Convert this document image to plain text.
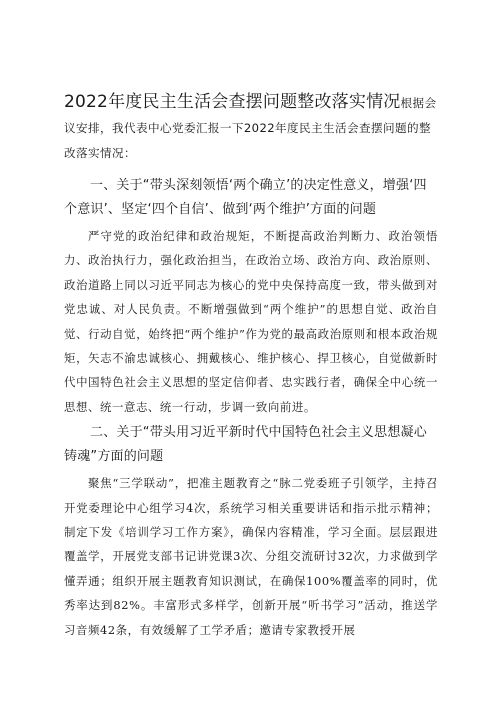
2022年度民主生活会查摆问题整改落实情况根据会议安排，我代表中心党委汇报一下2022年度民主生活会查摆问题的整改落实情况：
一、关于“带头深刻领悟‘两个确立’的决定性意义，增强‘四个意识’、坚定‘四个自信’、做到‘两个维护’方面的问题
严守党的政治纪律和政治规矩，不断提高政治判断力、政治领悟力、政治执行力，强化政治担当，在政治立场、政治方向、政治原则、政治道路上同以习近平同志为核心的党中央保持高度一致，带头做到对党忠诚、对人民负责。不断增强做到“两个维护”的思想自觉、政治自觉、行动自觉，始终把“两个维护”作为党的最高政治原则和根本政治规矩，矢志不渝忠诚核心、拥戴核心、维护核心、捍卫核心，自觉做新时代中国特色社会主义思想的坚定信仰者、忠实践行者，确保全中心统一思想、统一意志、统一行动，步调一致向前进。
二、关于“带头用习近平新时代中国特色社会主义思想凝心铸魂”方面的问题
聚焦“三学联动”，把准主题教育之“脉二党委班子引领学，主持召开党委理论中心组学习4次，系统学习相关重要讲话和指示批示精神；制定下发《培训学习工作方案》，确保内容精准，学习全面。层层跟进覆盖学，开展党支部书记讲党课3次、分组交流研讨32次，力求做到学懂弄通；组织开展主题教育知识测试，在确保100%覆盖率的同时，优秀率达到82%。丰富形式多样学，创新开展“听书学习”活动，推送学习音频42条，有效缓解了工学矛盾；邀请专家教授开展
